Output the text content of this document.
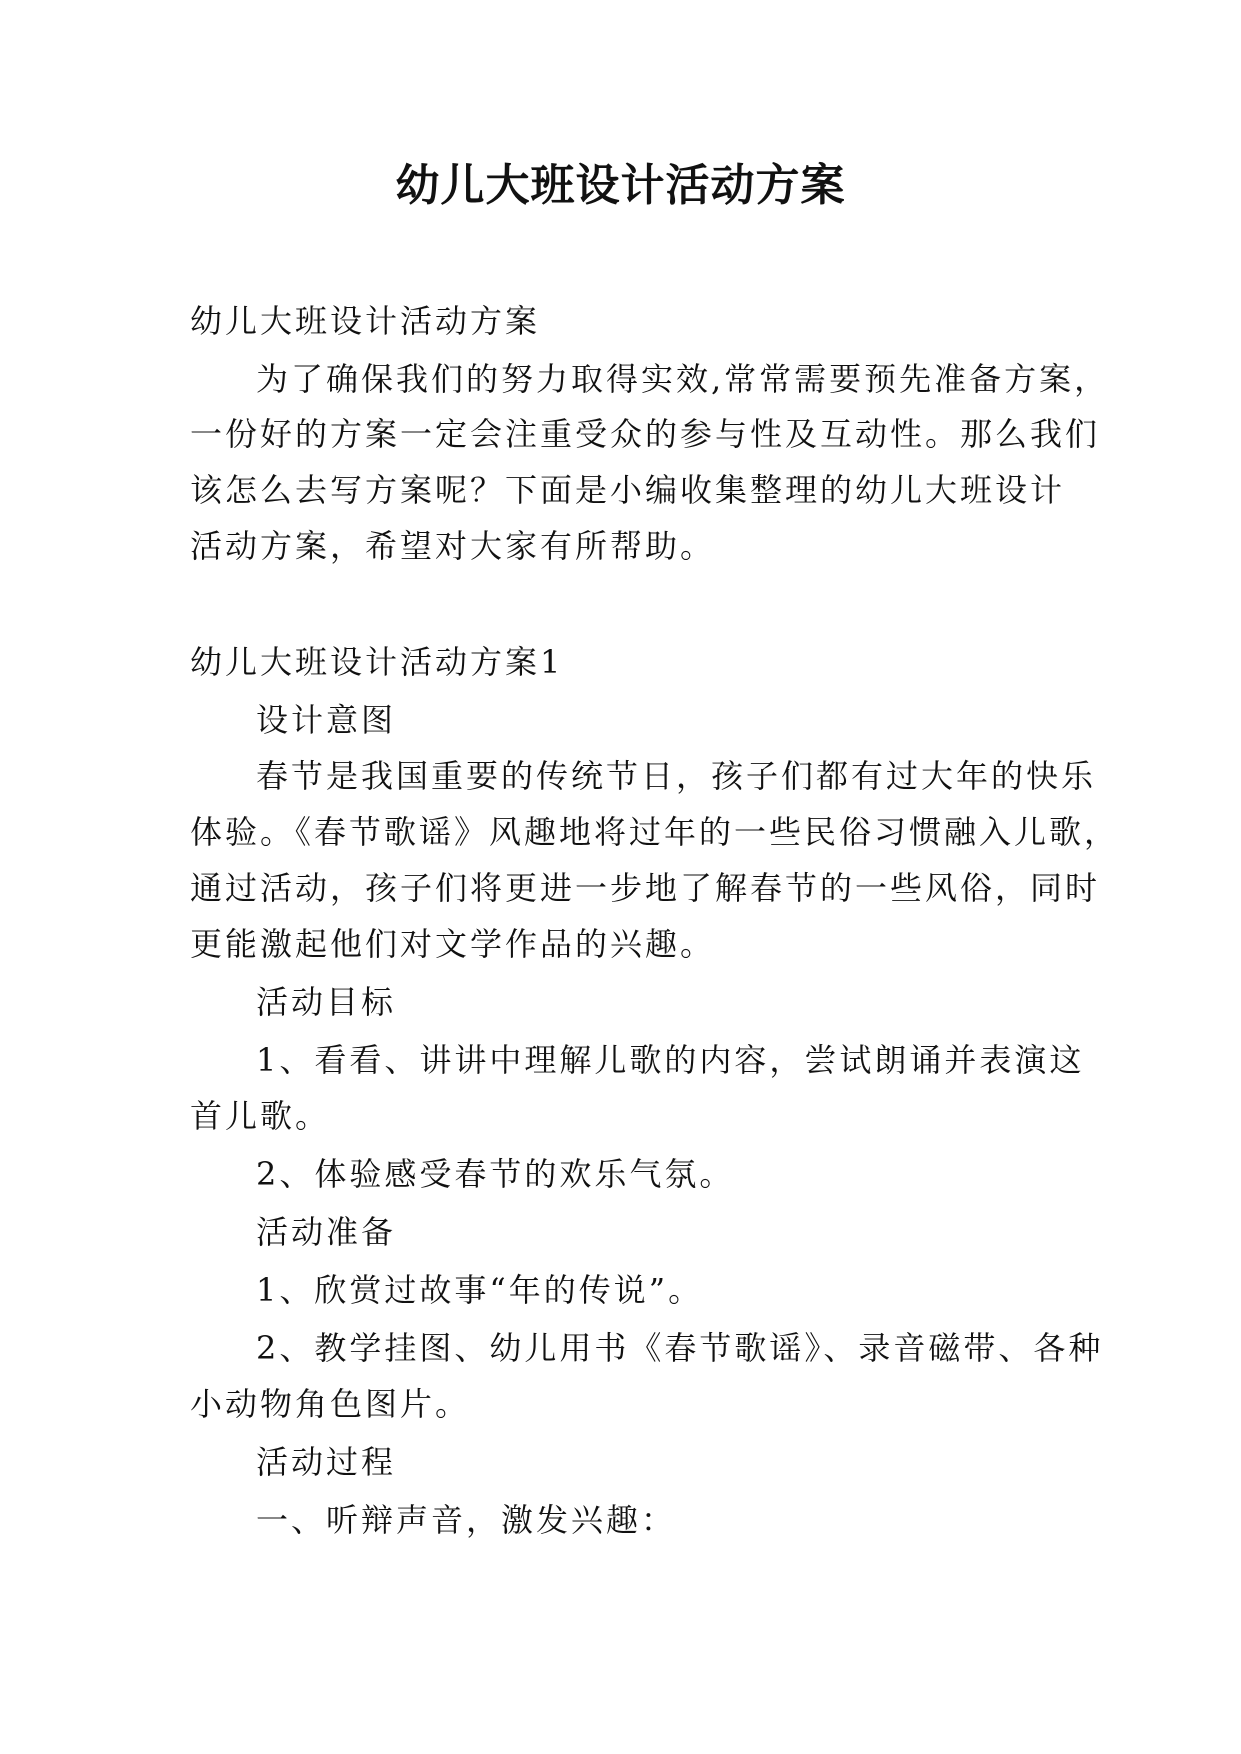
幼儿大班设计活动方案
幼儿大班设计活动方案
为了确保我们的努力取得实效,常常需要预先准备方案，
一份好的方案一定会注重受众的参与性及互动性。那么我们
该怎么去写方案呢？下面是小编收集整理的幼儿大班设计
活动方案，希望对大家有所帮助。
幼儿大班设计活动方案1
设计意图
春节是我国重要的传统节日，孩子们都有过大年的快乐
体验。《春节歌谣》风趣地将过年的一些民俗习惯融入儿歌，
通过活动，孩子们将更进一步地了解春节的一些风俗，同时
更能激起他们对文学作品的兴趣。
活动目标
1、看看、讲讲中理解儿歌的内容，尝试朗诵并表演这
首儿歌。
2、体验感受春节的欢乐气氛。
活动准备
1、欣赏过故事“年的传说”。
2、教学挂图、幼儿用书《春节歌谣》、录音磁带、各种
小动物角色图片。
活动过程
一、听辩声音，激发兴趣：
